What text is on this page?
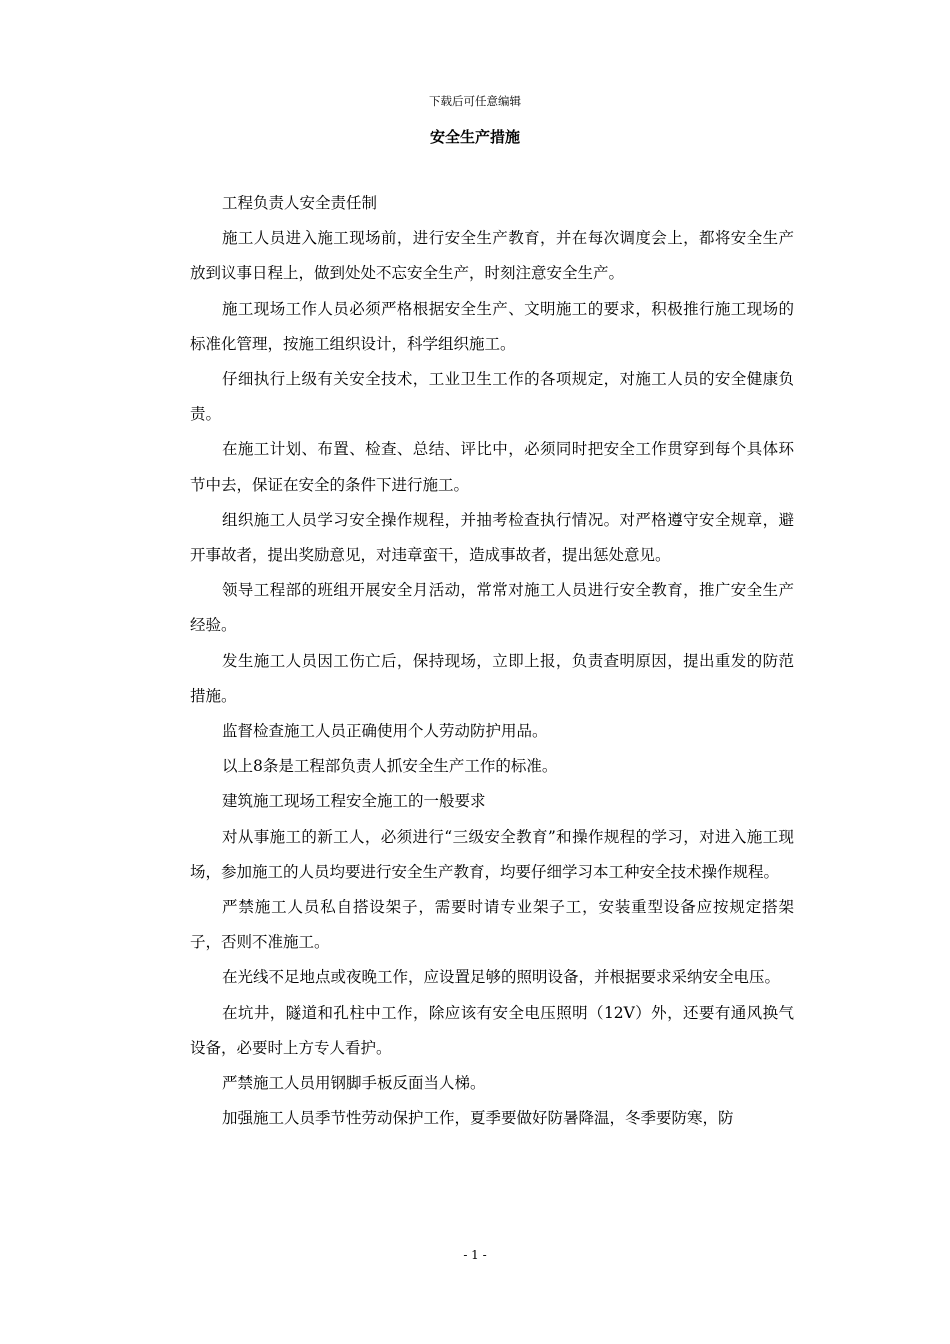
下载后可任意编辑
安全生产措施

工程负责人安全责任制

施工人员进入施工现场前，进行安全生产教育，并在每次调度会上，都将安全生产放到议事日程上，做到处处不忘安全生产，时刻注意安全生产。

施工现场工作人员必须严格根据安全生产、文明施工的要求，积极推行施工现场的标准化管理，按施工组织设计，科学组织施工。

仔细执行上级有关安全技术，工业卫生工作的各项规定，对施工人员的安全健康负责。

在施工计划、布置、检查、总结、评比中，必须同时把安全工作贯穿到每个具体环节中去，保证在安全的条件下进行施工。

组织施工人员学习安全操作规程，并抽考检查执行情况。对严格遵守安全规章，避开事故者，提出奖励意见，对违章蛮干，造成事故者，提出惩处意见。

领导工程部的班组开展安全月活动，常常对施工人员进行安全教育，推广安全生产经验。

发生施工人员因工伤亡后，保持现场，立即上报，负责查明原因，提出重发的防范措施。

监督检查施工人员正确使用个人劳动防护用品。

以上8条是工程部负责人抓安全生产工作的标准。

建筑施工现场工程安全施工的一般要求

对从事施工的新工人，必须进行“三级安全教育”和操作规程的学习，对进入施工现场，参加施工的人员均要进行安全生产教育，均要仔细学习本工种安全技术操作规程。

严禁施工人员私自搭设架子，需要时请专业架子工，安装重型设备应按规定搭架子，否则不准施工。

在光线不足地点或夜晚工作，应设置足够的照明设备，并根据要求采纳安全电压。

在坑井，隧道和孔柱中工作，除应该有安全电压照明（12V）外，还要有通风换气设备，必要时上方专人看护。

严禁施工人员用钢脚手板反面当人梯。

加强施工人员季节性劳动保护工作，夏季要做好防暑降温，冬季要防寒，防

- 1 -
